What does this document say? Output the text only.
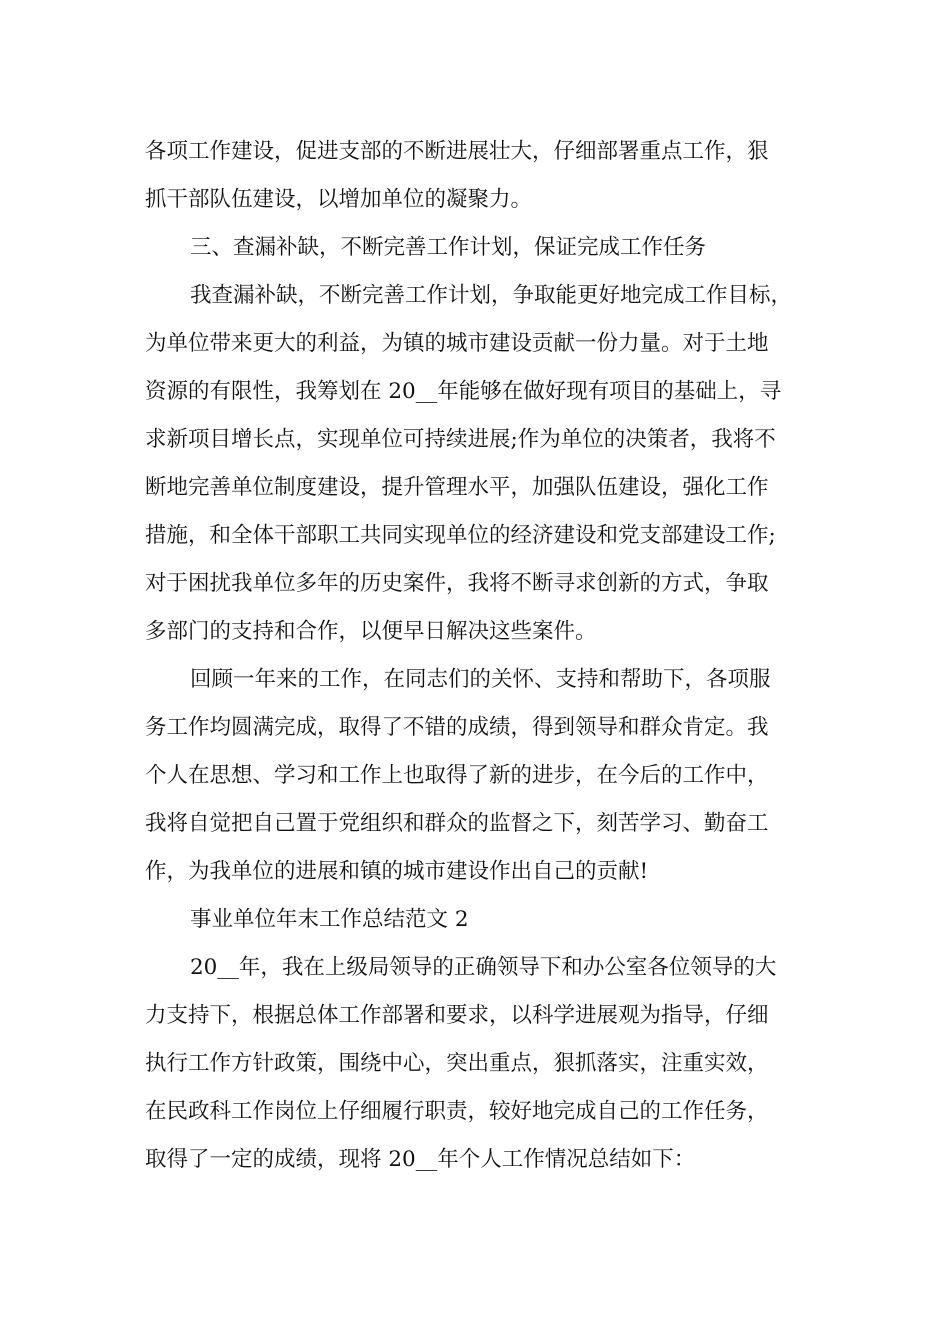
各项工作建设，促进支部的不断进展壮大，仔细部署重点工作，狠
抓干部队伍建设，以增加单位的凝聚力。
三、查漏补缺，不断完善工作计划，保证完成工作任务
我查漏补缺，不断完善工作计划，争取能更好地完成工作目标，
为单位带来更大的利益，为镇的城市建设贡献一份力量。对于土地
资源的有限性，我筹划在 20__年能够在做好现有项目的基础上，寻
求新项目增长点，实现单位可持续进展;作为单位的决策者，我将不
断地完善单位制度建设，提升管理水平，加强队伍建设，强化工作
措施，和全体干部职工共同实现单位的经济建设和党支部建设工作;
对于困扰我单位多年的历史案件，我将不断寻求创新的方式，争取
多部门的支持和合作，以便早日解决这些案件。
回顾一年来的工作，在同志们的关怀、支持和帮助下，各项服
务工作均圆满完成，取得了不错的成绩，得到领导和群众肯定。我
个人在思想、学习和工作上也取得了新的进步，在今后的工作中，
我将自觉把自己置于党组织和群众的监督之下，刻苦学习、勤奋工
作，为我单位的进展和镇的城市建设作出自己的贡献!
事业单位年末工作总结范文 2
20__年，我在上级局领导的正确领导下和办公室各位领导的大
力支持下，根据总体工作部署和要求，以科学进展观为指导，仔细
执行工作方针政策，围绕中心，突出重点，狠抓落实，注重实效，
在民政科工作岗位上仔细履行职责，较好地完成自己的工作任务，
取得了一定的成绩，现将 20__年个人工作情况总结如下：
